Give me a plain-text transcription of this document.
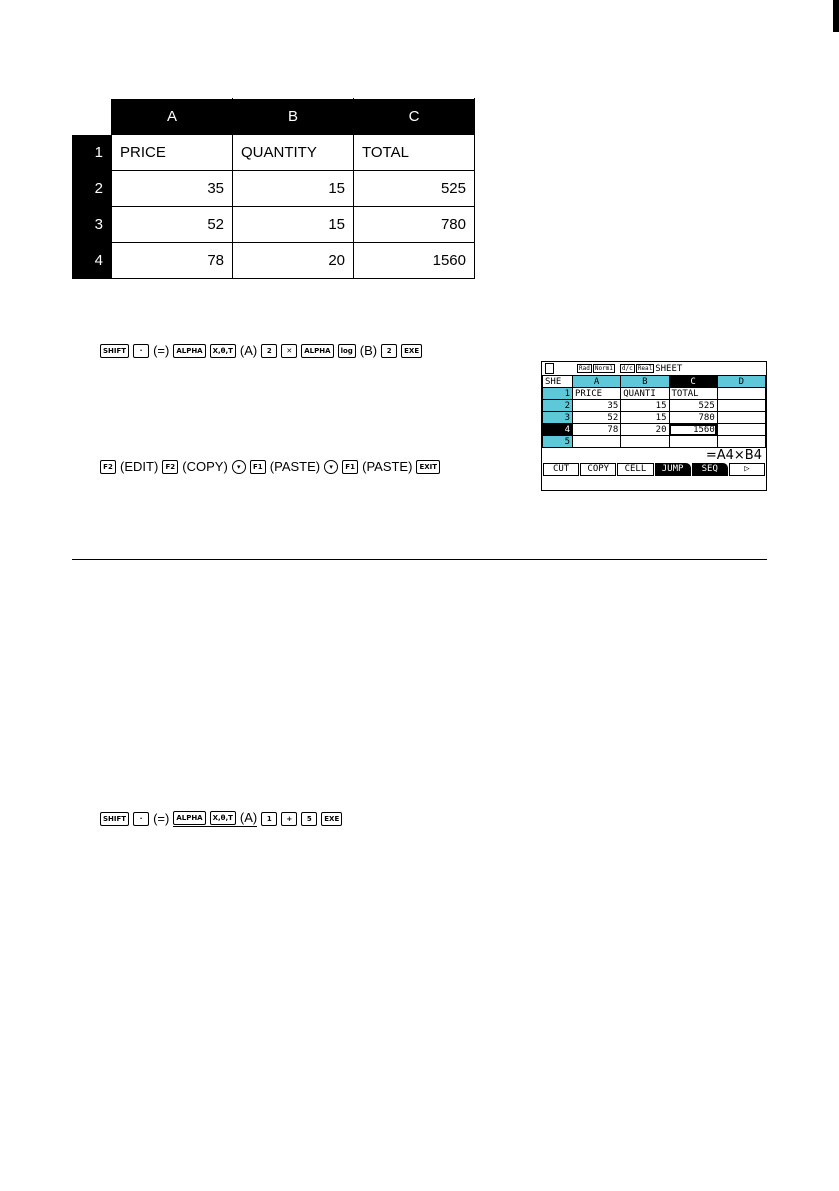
	A	B	C
1	PRICE	QUANTITY	TOTAL
2	35	15	525
3	52	15	780
4	78	20	1560
SHIFT	· (=)	ALPHA	X,θ,T (A)	2	✕	ALPHA	log (B)	2	EXE
F2 (EDIT)	F2 (COPY)	▾	F1 (PASTE)	▾	F1 (PASTE)	EXIT
Rad Norm1	d/c Real SHEET
SHE	A	B	C	D
1	PRICE	QUANTI	TOTAL	
2	35	15	525	
3	52	15	780	
4	78	20	1560	
5				
=A4×B4
CUT	COPY	CELL	JUMP	SEQ	▷
SHIFT	· (=)	ALPHA	X,θ,T (A)	1	+	5	EXE
